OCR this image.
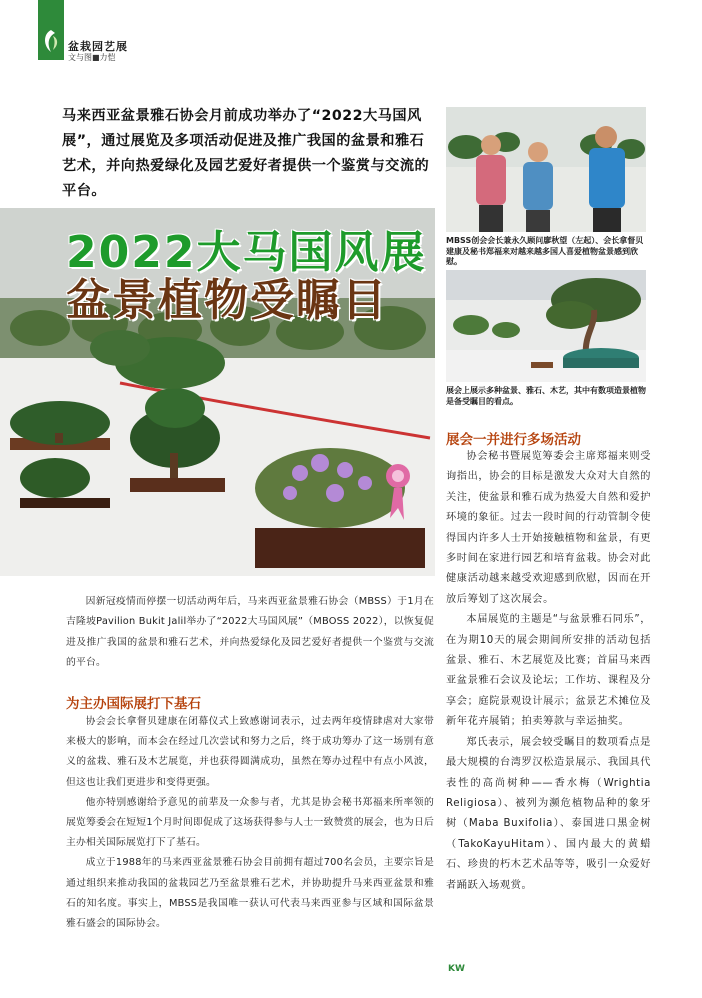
盆栽园艺展
文与图■力恺
马来西亚盆景雅石协会月前成功举办了“2022大马国风展”，通过展览及多项活动促进及推广我国的盆景和雅石艺术，并向热爱绿化及园艺爱好者提供一个鉴赏与交流的平台。
2022大马国风展
盆景植物受瞩目
MBSS创会会长兼永久顾问廖秋望（左起）、会长拿督贝建康及秘书郑福来对越来越多国人喜爱植物盆景感到欣慰。
展会上展示多种盆景、雅石、木艺，其中有数项造景植物是备受瞩目的看点。
展会一并进行多场活动

协会秘书暨展览筹委会主席郑福来则受询指出，协会的目标是激发大众对大自然的关注，使盆景和雅石成为热爱大自然和爱护环境的象征。过去一段时间的行动管制令使得国内许多人士开始接触植物和盆景，有更多时间在家进行园艺和培育盆栽。协会对此健康活动越来越受欢迎感到欣慰，因而在开放后筹划了这次展会。

本届展览的主题是“与盆景雅石同乐”，在为期10天的展会期间所安排的活动包括盆景、雅石、木艺展览及比赛；首届马来西亚盆景雅石会议及论坛；工作坊、课程及分享会；庭院景观设计展示；盆景艺术摊位及新年花卉展销；拍卖筹款与幸运抽奖。

郑氏表示，展会较受瞩目的数项看点是最大规模的台湾罗汉松造景展示、我国具代表性的高尚树种——香水梅（Wrightia Religiosa）、被列为濒危植物品种的象牙树（Maba Buxifolia）、泰国进口黑金树（TakoKayuHitam）、国内最大的黄蜡石、珍贵的朽木艺术品等等，吸引一众爱好者踊跃入场观赏。

因新冠疫情而停摆一切活动两年后，马来西亚盆景雅石协会（MBSS）于1月在吉隆坡Pavilion Bukit Jalil举办了“2022大马国风展”（MBOSS 2022），以恢复促进及推广我国的盆景和雅石艺术，并向热爱绿化及园艺爱好者提供一个鉴赏与交流的平台。

为主办国际展打下基石

协会会长拿督贝建康在闭幕仪式上致感谢词表示，过去两年疫情肆虐对大家带来极大的影响，而本会在经过几次尝试和努力之后，终于成功筹办了这一场别有意义的盆栽、雅石及木艺展览，并也获得圆满成功，虽然在筹办过程中有点小风波，但这也让我们更进步和变得更强。

他亦特别感谢给予意见的前辈及一众参与者，尤其是协会秘书郑福来所率领的展览筹委会在短短1个月时间即促成了这场获得参与人士一致赞赏的展会，也为日后主办相关国际展览打下了基石。

成立于1988年的马来西亚盆景雅石协会目前拥有超过700名会员，主要宗旨是通过组织来推动我国的盆栽园艺乃至盆景雅石艺术，并协助提升马来西亚盆景和雅石的知名度。事实上，MBSS是我国唯一获认可代表马来西亚参与区域和国际盆景雅石盛会的国际协会。

KW
